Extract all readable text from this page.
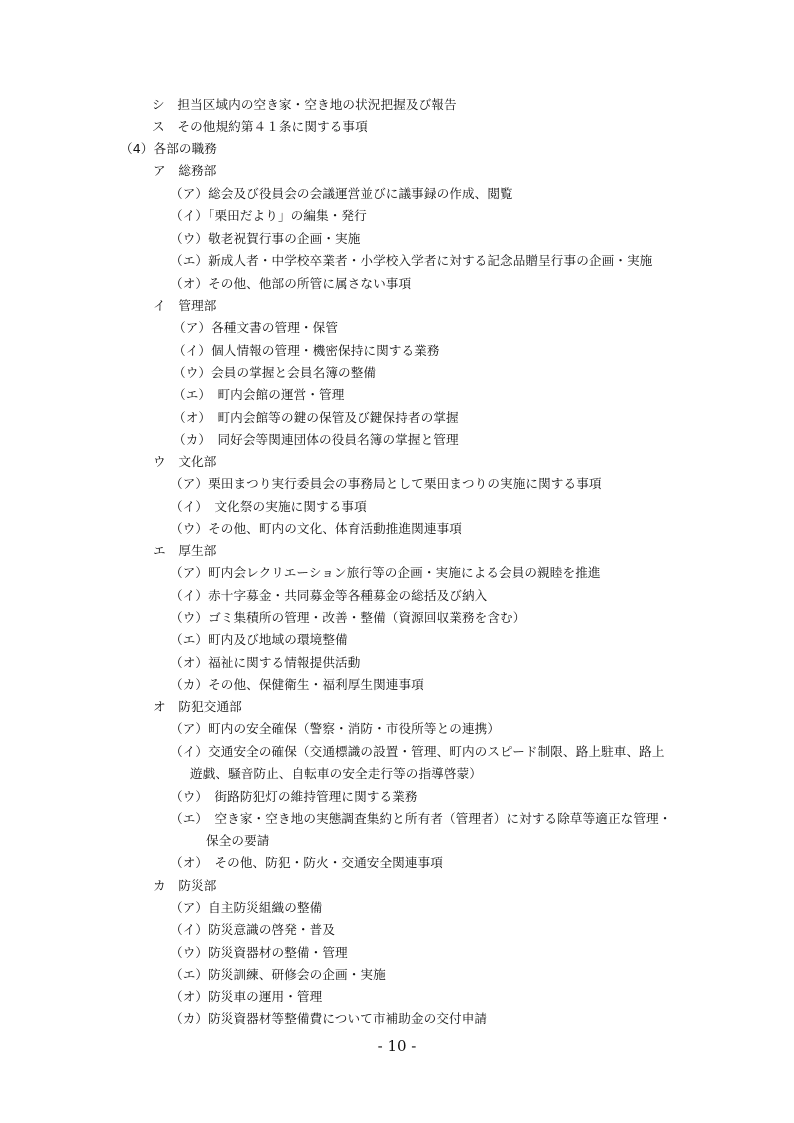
シ　担当区域内の空き家・空き地の状況把握及び報告
ス　その他規約第４１条に関する事項
（4）各部の職務
ア　総務部
（ア）総会及び役員会の会議運営並びに議事録の作成、閲覧
（イ）「栗田だより」の編集・発行
（ウ）敬老祝賀行事の企画・実施
（エ）新成人者・中学校卒業者・小学校入学者に対する記念品贈呈行事の企画・実施
（オ）その他、他部の所管に属さない事項
イ　管理部
（ア）各種文書の管理・保管
（イ）個人情報の管理・機密保持に関する業務
（ウ）会員の掌握と会員名簿の整備
（エ）　町内会館の運営・管理
（オ）　町内会館等の鍵の保管及び鍵保持者の掌握
（カ）　同好会等関連団体の役員名簿の掌握と管理
ウ　文化部
（ア）栗田まつり実行委員会の事務局として栗田まつりの実施に関する事項
（イ）　文化祭の実施に関する事項
（ウ）その他、町内の文化、体育活動推進関連事項
エ　厚生部
（ア）町内会レクリエーション旅行等の企画・実施による会員の親睦を推進
（イ）赤十字募金・共同募金等各種募金の総括及び納入
（ウ）ゴミ集積所の管理・改善・整備（資源回収業務を含む）
（エ）町内及び地域の環境整備
（オ）福祉に関する情報提供活動
（カ）その他、保健衛生・福利厚生関連事項
オ　防犯交通部
（ア）町内の安全確保（警察・消防・市役所等との連携）
（イ）交通安全の確保（交通標識の設置・管理、町内のスピード制限、路上駐車、路上
遊戯、騒音防止、自転車の安全走行等の指導啓蒙）
（ウ）　街路防犯灯の維持管理に関する業務
（エ）　空き家・空き地の実態調査集約と所有者（管理者）に対する除草等適正な管理・
保全の要請
（オ）　その他、防犯・防火・交通安全関連事項
カ　防災部
（ア）自主防災組織の整備
（イ）防災意識の啓発・普及
（ウ）防災資器材の整備・管理
（エ）防災訓練、研修会の企画・実施
（オ）防災車の運用・管理
（カ）防災資器材等整備費について市補助金の交付申請
- 10 -
